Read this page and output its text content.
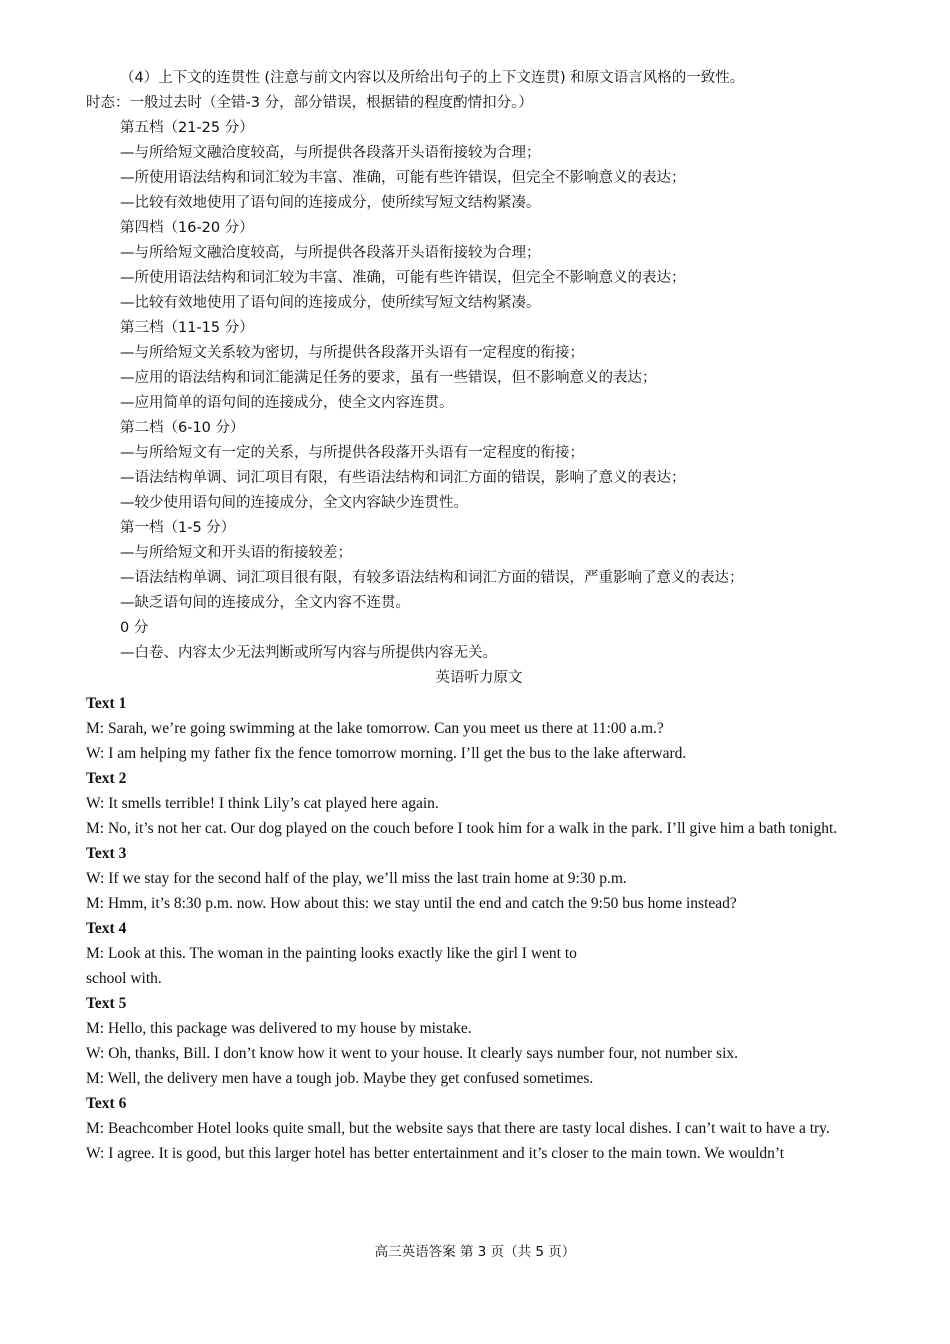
（4）上下文的连贯性 (注意与前文内容以及所给出句子的上下文连贯) 和原文语言风格的一致性。
时态：一般过去时（全错-3 分，部分错误，根据错的程度酌情扣分。）
第五档（21-25 分）
—与所给短文融洽度较高，与所提供各段落开头语衔接较为合理；
—所使用语法结构和词汇较为丰富、准确，可能有些许错误，但完全不影响意义的表达；
—比较有效地使用了语句间的连接成分，使所续写短文结构紧凑。
第四档（16-20 分）
—与所给短文融洽度较高，与所提供各段落开头语衔接较为合理；
—所使用语法结构和词汇较为丰富、准确，可能有些许错误，但完全不影响意义的表达；
—比较有效地使用了语句间的连接成分，使所续写短文结构紧凑。
第三档（11-15 分）
—与所给短文关系较为密切，与所提供各段落开头语有一定程度的衔接；
—应用的语法结构和词汇能满足任务的要求，虽有一些错误，但不影响意义的表达；
—应用简单的语句间的连接成分，使全文内容连贯。
第二档（6-10 分）
—与所给短文有一定的关系，与所提供各段落开头语有一定程度的衔接；
—语法结构单调、词汇项目有限，有些语法结构和词汇方面的错误，影响了意义的表达；
—较少使用语句间的连接成分，全文内容缺少连贯性。
第一档（1-5 分）
—与所给短文和开头语的衔接较差；
—语法结构单调、词汇项目很有限，有较多语法结构和词汇方面的错误，严重影响了意义的表达；
—缺乏语句间的连接成分，全文内容不连贯。
0 分
—白卷、内容太少无法判断或所写内容与所提供内容无关。
英语听力原文
Text 1
M: Sarah, we’re going swimming at the lake tomorrow. Can you meet us there at 11:00 a.m.?
W: I am helping my father fix the fence tomorrow morning. I’ll get the bus to the lake afterward.
Text 2
W: It smells terrible! I think Lily’s cat played here again.
M: No, it’s not her cat. Our dog played on the couch before I took him for a walk in the park. I’ll give him a bath tonight.
Text 3
W: If we stay for the second half of the play, we’ll miss the last train home at 9:30 p.m.
M: Hmm, it’s 8:30 p.m. now. How about this: we stay until the end and catch the 9:50 bus home instead?
Text 4
M: Look at this. The woman in the painting looks exactly like the girl I went to
school with.
Text 5
M: Hello, this package was delivered to my house by mistake.
W: Oh, thanks, Bill. I don’t know how it went to your house. It clearly says number four, not number six.
M: Well, the delivery men have a tough job. Maybe they get confused sometimes.
Text 6
M: Beachcomber Hotel looks quite small, but the website says that there are tasty local dishes. I can’t wait to have a try.
W: I agree. It is good, but this larger hotel has better entertainment and it’s closer to the main town. We wouldn’t
高三英语答案 第 3 页（共 5 页）
